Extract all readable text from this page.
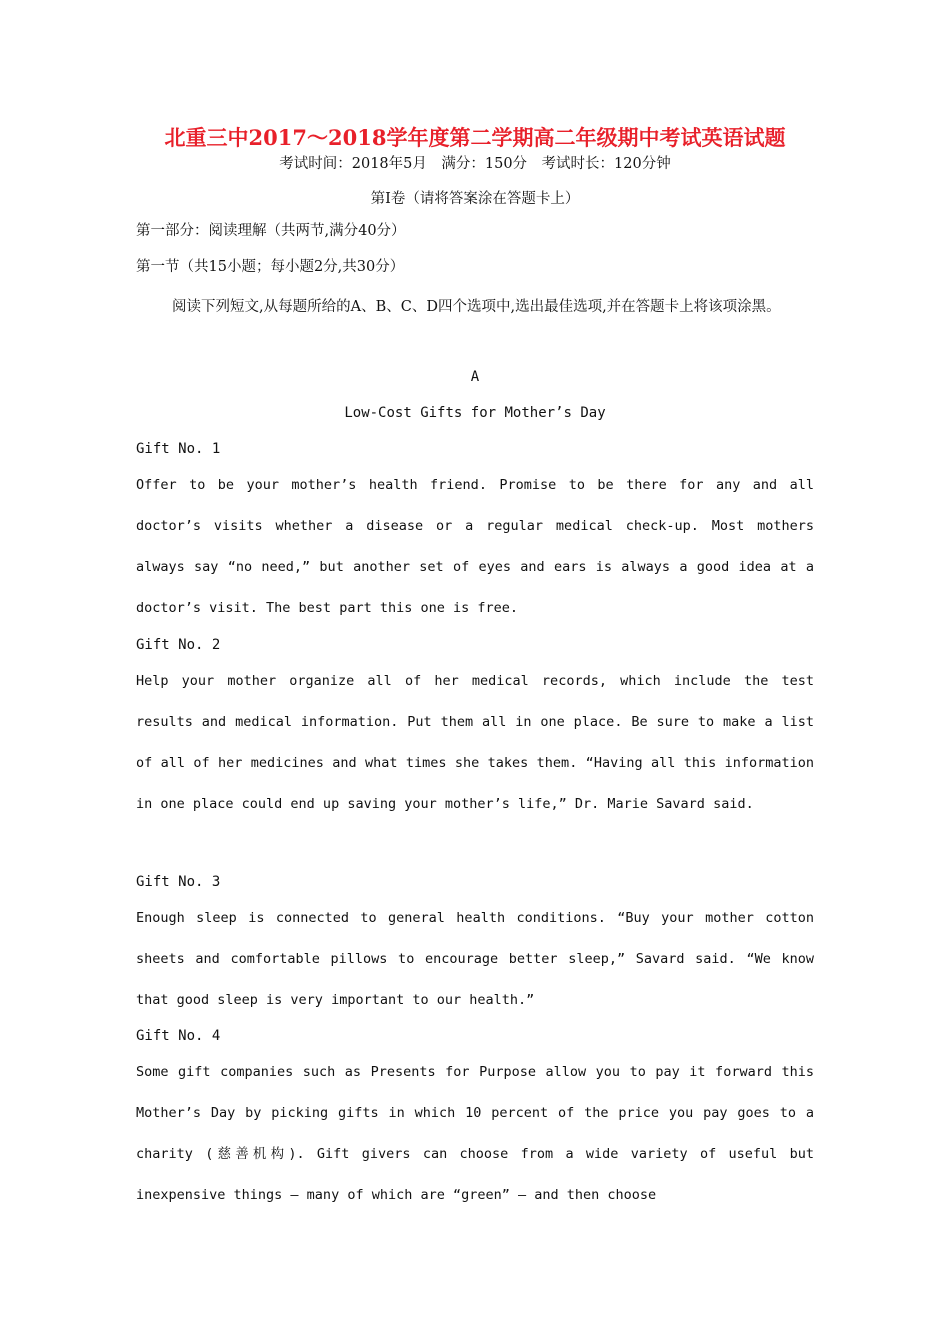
北重三中2017～2018学年度第二学期高二年级期中考试英语试题
考试时间：2018年5月　满分：150分　考试时长：120分钟
第Ⅰ卷（请将答案涂在答题卡上）
第一部分：阅读理解（共两节,满分40分）
第一节（共15小题；每小题2分,共30分）
阅读下列短文,从每题所给的A、B、C、D四个选项中,选出最佳选项,并在答题卡上将该项涂黑。
A
Low-Cost Gifts for Mother’s Day
Gift No. 1
Offer to be your mother’s health friend. Promise to be there for any and all doctor’s visits whether a disease or a regular medical check-up. Most mothers always say “no need,” but another set of eyes and ears is always a good idea at a doctor’s visit. The best part this one is free.
Gift No. 2
Help your mother organize all of her medical records, which include the test results and medical information. Put them all in one place. Be sure to make a list of all of her medicines and what times she takes them. “Having all this information in one place could end up saving your mother’s life,” Dr. Marie Savard said.
Gift No. 3
Enough sleep is connected to general health conditions. “Buy your mother cotton sheets and comfortable pillows to encourage better sleep,” Savard said. “We know that good sleep is very important to our health.”
Gift No. 4
Some gift companies such as Presents for Purpose allow you to pay it forward this Mother’s Day by picking gifts in which 10 percent of the price you pay goes to a charity (慈善机构). Gift givers can choose from a wide variety of useful but inexpensive things — many of which are “green” — and then choose
